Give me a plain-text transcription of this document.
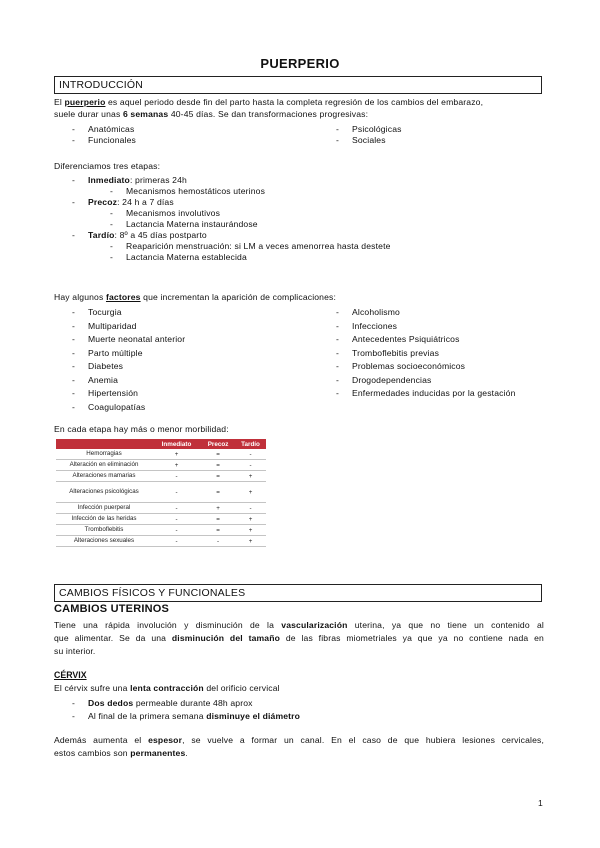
PUERPERIO
INTRODUCCIÓN
El puerperio es aquel periodo desde fin del parto hasta la completa regresión de los cambios del embarazo,
suele durar unas 6 semanas 40-45 días. Se dan transformaciones progresivas:
- Anatómicas
- Funcionales
- Psicológicas
- Sociales
Diferenciamos tres etapas:
- Inmediato: primeras 24h
- Mecanismos hemostáticos uterinos
- Precoz: 24 h a 7 días
- Mecanismos involutivos
- Lactancia Materna instaurándose
- Tardío: 8º a 45 días postparto
- Reaparición menstruación: si LM a veces amenorrea hasta destete
- Lactancia Materna establecida
Hay algunos factores que incrementan la aparición de complicaciones:
- Tocurgia
- Multiparidad
- Muerte neonatal anterior
- Parto múltiple
- Diabetes
- Anemia
- Hipertensión
- Coagulopatías
- Alcoholismo
- Infecciones
- Antecedentes Psiquiátricos
- Tromboflebitis previas
- Problemas socioeconómicos
- Drogodependencias
- Enfermedades inducidas por la gestación
En cada etapa hay más o menor morbilidad:
	Inmediato	Precoz	Tardío
Hemorragias	+	=	-
Alteración en eliminación	+	=	-
Alteraciones mamarias	-	=	+
Alteraciones psicológicas	-	=	+
Infección puerperal	-	+	-
Infección de las heridas	-	=	+
Tromboflebitis	-	=	+
Alteraciones sexuales	-	-	+
CAMBIOS FÍSICOS Y FUNCIONALES
CAMBIOS UTERINOS
Tiene una rápida involución y disminución de la vascularización uterina, ya que no tiene un contenido al
que alimentar. Se da una disminución del tamaño de las fibras miometriales ya que ya no contiene nada en
su interior.
CÉRVIX
El cérvix sufre una lenta contracción del orificio cervical
- Dos dedos permeable durante 48h aprox
- Al final de la primera semana disminuye el diámetro
Además aumenta el espesor, se vuelve a formar un canal. En el caso de que hubiera lesiones cervicales,
estos cambios son permanentes.
1
